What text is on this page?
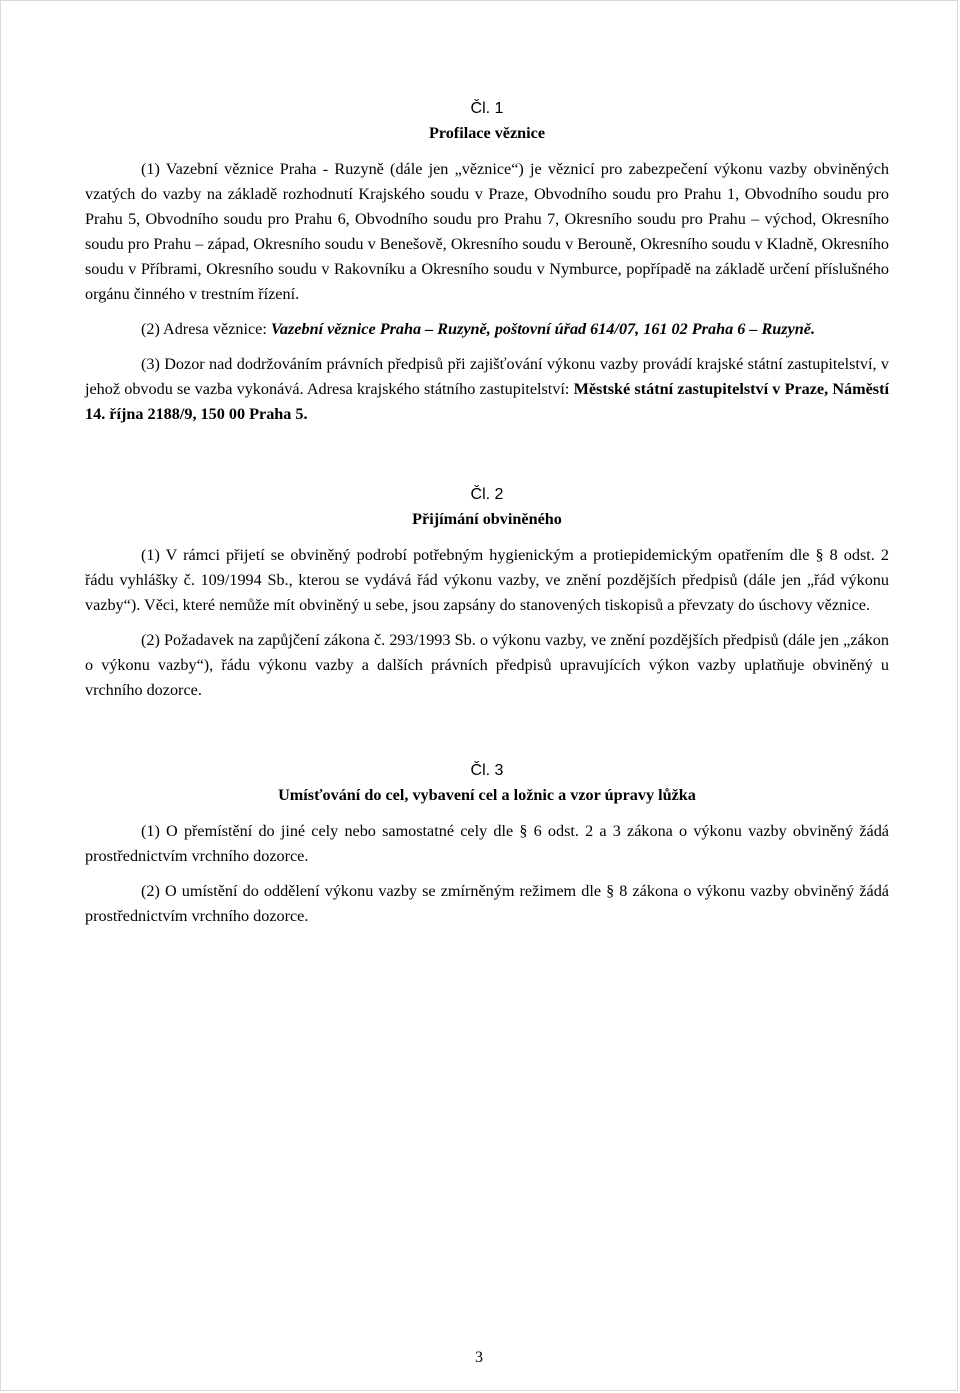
Čl. 1
Profilace věznice

(1) Vazební věznice Praha - Ruzyně (dále jen „věznice“) je věznicí pro zabezpečení výkonu vazby obviněných vzatých do vazby na základě rozhodnutí Krajského soudu v Praze, Obvodního soudu pro Prahu 1, Obvodního soudu pro Prahu 5, Obvodního soudu pro Prahu 6, Obvodního soudu pro Prahu 7, Okresního soudu pro Prahu – východ, Okresního soudu pro Prahu – západ, Okresního soudu v Benešově, Okresního soudu v Berouně, Okresního soudu v Kladně, Okresního soudu v Příbrami, Okresního soudu v Rakovníku a Okresního soudu v Nymburce, popřípadě na základě určení příslušného orgánu činného v trestním řízení.

(2) Adresa věznice: Vazební věznice Praha – Ruzyně, poštovní úřad 614/07, 161 02 Praha 6 – Ruzyně.

(3) Dozor nad dodržováním právních předpisů při zajišťování výkonu vazby provádí krajské státní zastupitelství, v jehož obvodu se vazba vykonává. Adresa krajského státního zastupitelství: Městské státní zastupitelství v Praze, Náměstí 14. října 2188/9, 150 00 Praha 5.

Čl. 2
Přijímání obviněného

(1) V rámci přijetí se obviněný podrobí potřebným hygienickým a protiepidemickým opatřením dle § 8 odst. 2 řádu vyhlášky č. 109/1994 Sb., kterou se vydává řád výkonu vazby, ve znění pozdějších předpisů (dále jen „řád výkonu vazby“). Věci, které nemůže mít obviněný u sebe, jsou zapsány do stanovených tiskopisů a převzaty do úschovy věznice.

(2) Požadavek na zapůjčení zákona č. 293/1993 Sb. o výkonu vazby, ve znění pozdějších předpisů (dále jen „zákon o výkonu vazby“), řádu výkonu vazby a dalších právních předpisů upravujících výkon vazby uplatňuje obviněný u vrchního dozorce.

Čl. 3
Umísťování do cel, vybavení cel a ložnic a vzor úpravy lůžka

(1) O přemístění do jiné cely nebo samostatné cely dle § 6 odst. 2 a 3 zákona o výkonu vazby obviněný žádá prostřednictvím vrchního dozorce.

(2) O umístění do oddělení výkonu vazby se zmírněným režimem dle § 8 zákona o výkonu vazby obviněný žádá prostřednictvím vrchního dozorce.

3
